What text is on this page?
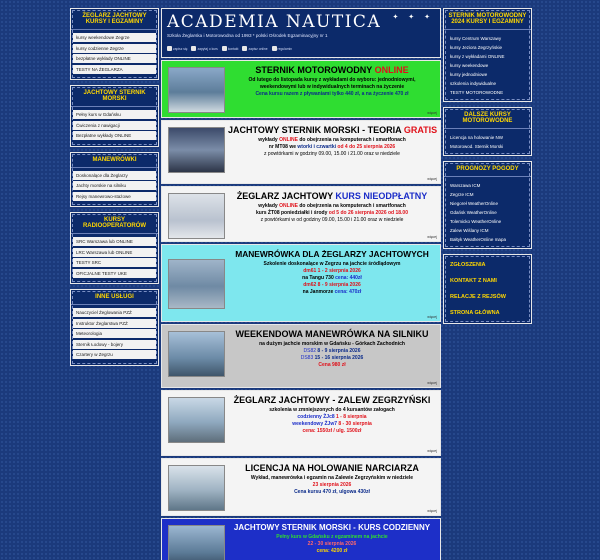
ŻEGLARZ JACHTOWY KURSY I EGZAMINY
kursy weekendowe Zegrze
kursy codzienne Zegrze
bezpłatne wykłady ONLINE
TESTY NA ŻEGLARZA
JACHTOWY STERNIK MORSKI
Pełny kurs w Gdańsku
Ćwiczenia z nawigacji
Bezpłatne wykłady ONLINE
MANEWRÓWKI
Doskonalące dla Żeglarzy
Jachty morskie na silniku
Rejsy manewrowo-stażowe
KURSY RADIOOPERATORÓW
SRC Warszawa lub ONLINE
LRC Warszawa lub ONLINE
TESTY SRC
OFICJALNE TESTY UKE
INNE USŁUGI
Nauczyciel Żeglowania PZŻ
Instruktor Żeglarstwa PZŻ
Meteorologia
Sternik Łodowy - bojery
Czartery w Zegrzu
ACADEMIA NAUTICA ✦ ✦ ✦
Szkoła Żeglarska i Motorowodna od 1993 * polski Ośrodek Egzaminacyjny nr 1
zapisz się	zapytaj o kurs	kontakt	zapisz online	regulamin
STERNIK MOTOROWODNY ONLINE
Od lutego do listopada kursy z wykładami do wyboru: jednodniowymi,
weekendowymi lub w indywidualnych terminach na życzenie
Cena kursu razem z pływaniami tylko 440 zł, a na życzenie 470 zł
więcej
JACHTOWY STERNIK MORSKI - TEORIA GRATIS
wykłady ONLINE do obejrzenia na komputerach i smartfonach
nr MT08 we wtorki i czwartki od 4 do 25 sierpnia 2026
z powtórkami w godziny 09.00, 15.00 i 21.00 oraz w niedziele
więcej
ŻEGLARZ JACHTOWY KURS NIEODPŁATNY
wykłady ONLINE do obejrzenia na komputerach i smartfonach
kurs ŻT08 poniedziałki i środy od 5 do 26 sierpnia 2026 od 18.00
z powtórkami w od godziny 09.00, 15.00 i 21.00 oraz w niedziele
więcej
MANEWRÓWKA DLA ŻEGLARZY JACHTOWYCH
Szkolenie doskonalące w Zegrzu na jachcie śródlądowym
dm61 1 - 2 sierpnia 2026
na Tangu 730 cena: 440zł
dm62 8 - 9 sierpnia 2026
na Janmorze cena: 470zł
więcej
WEEKENDOWA MANEWRÓWKA NA SILNIKU
na dużym jachcie morskim w Gdańsku - Górkach Zachodnich
DS82 8 - 9 sierpnia 2026
DS83 15 - 16 sierpnia 2026
Cena 980 zł
więcej
ŻEGLARZ JACHTOWY - ZALEW ZEGRZYŃSKI
szkolenia w zmniejszonych do 4 kursantów załogach
codzienny ŻJc8 1 - 8 sierpnia
weekendowy ŻJw7 8 - 30 sierpnia
cena: 1550zł / ulg. 1500zł
więcej
LICENCJA NA HOLOWANIE NARCIARZA
Wykład, manewrówka i egzamin na Zalewie Zegrzyńskim w niedziele
23 sierpnia 2026
Cena kursu 470 zł, ulgowa 430zł
więcej
JACHTOWY STERNIK MORSKI - KURS CODZIENNY
Pełny kurs w Gdańsku z egzaminem na jachcie
22 - 30 sierpnia 2026
cena: 4200 zł
STERNIK MOTOROWODNY 2024 KURSY I EGZAMINY
kursy Centrum Warszawy
kursy Jeziora Zegrzyńskie
kursy z wykładami ONLINE
kursy weekendowe
kursy jednodniowe
szkolenia indywidualne
TESTY MOTOROWODNE
DALSZE KURSY MOTOROWODNE
Licencja na holowanie NW
Motorowod. Sternik Morski
PROGNOZY POGODY
Warszawa ICM
Zegrze ICM
Niegoreł WeatherOnline
Gdańsk WeatherOnline
Tolemicko WeatherOnline
Zalew Wiślany ICM
Bałtyk WeatherOnline mapa
ZGŁOSZENIA
KONTAKT Z NAMI
RELACJE Z REJSÓW
STRONA GŁÓWNA
